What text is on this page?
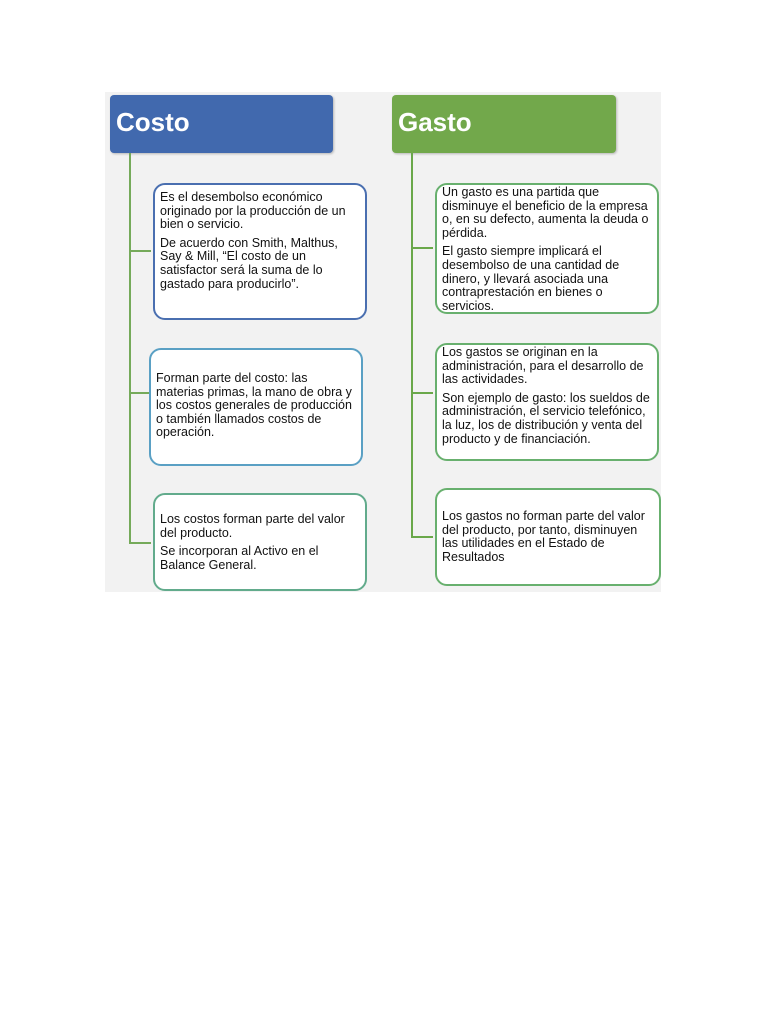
Costo

Es el desembolso económico originado por la producción de un bien o servicio.

De acuerdo con Smith, Malthus, Say & Mill, “El costo de un satisfactor será la suma de lo gastado para producirlo”.

Forman parte del costo: las materias primas, la mano de obra y los costos generales de producción o también llamados costos de operación.

Los costos forman parte del valor del producto.

Se incorporan al Activo en el Balance General.

Gasto

Un gasto es una partida que disminuye el beneficio de la empresa o, en su defecto, aumenta la deuda o pérdida.

El gasto siempre implicará el desembolso de una cantidad de dinero, y llevará asociada una contraprestación en bienes o servicios.

Los gastos se originan en la administración, para el desarrollo de las actividades.

Son ejemplo de gasto: los sueldos de administración, el servicio telefónico, la luz, los de distribución y venta del producto y de financiación.

Los gastos no forman parte del valor del producto, por tanto, disminuyen las utilidades en el Estado de Resultados
